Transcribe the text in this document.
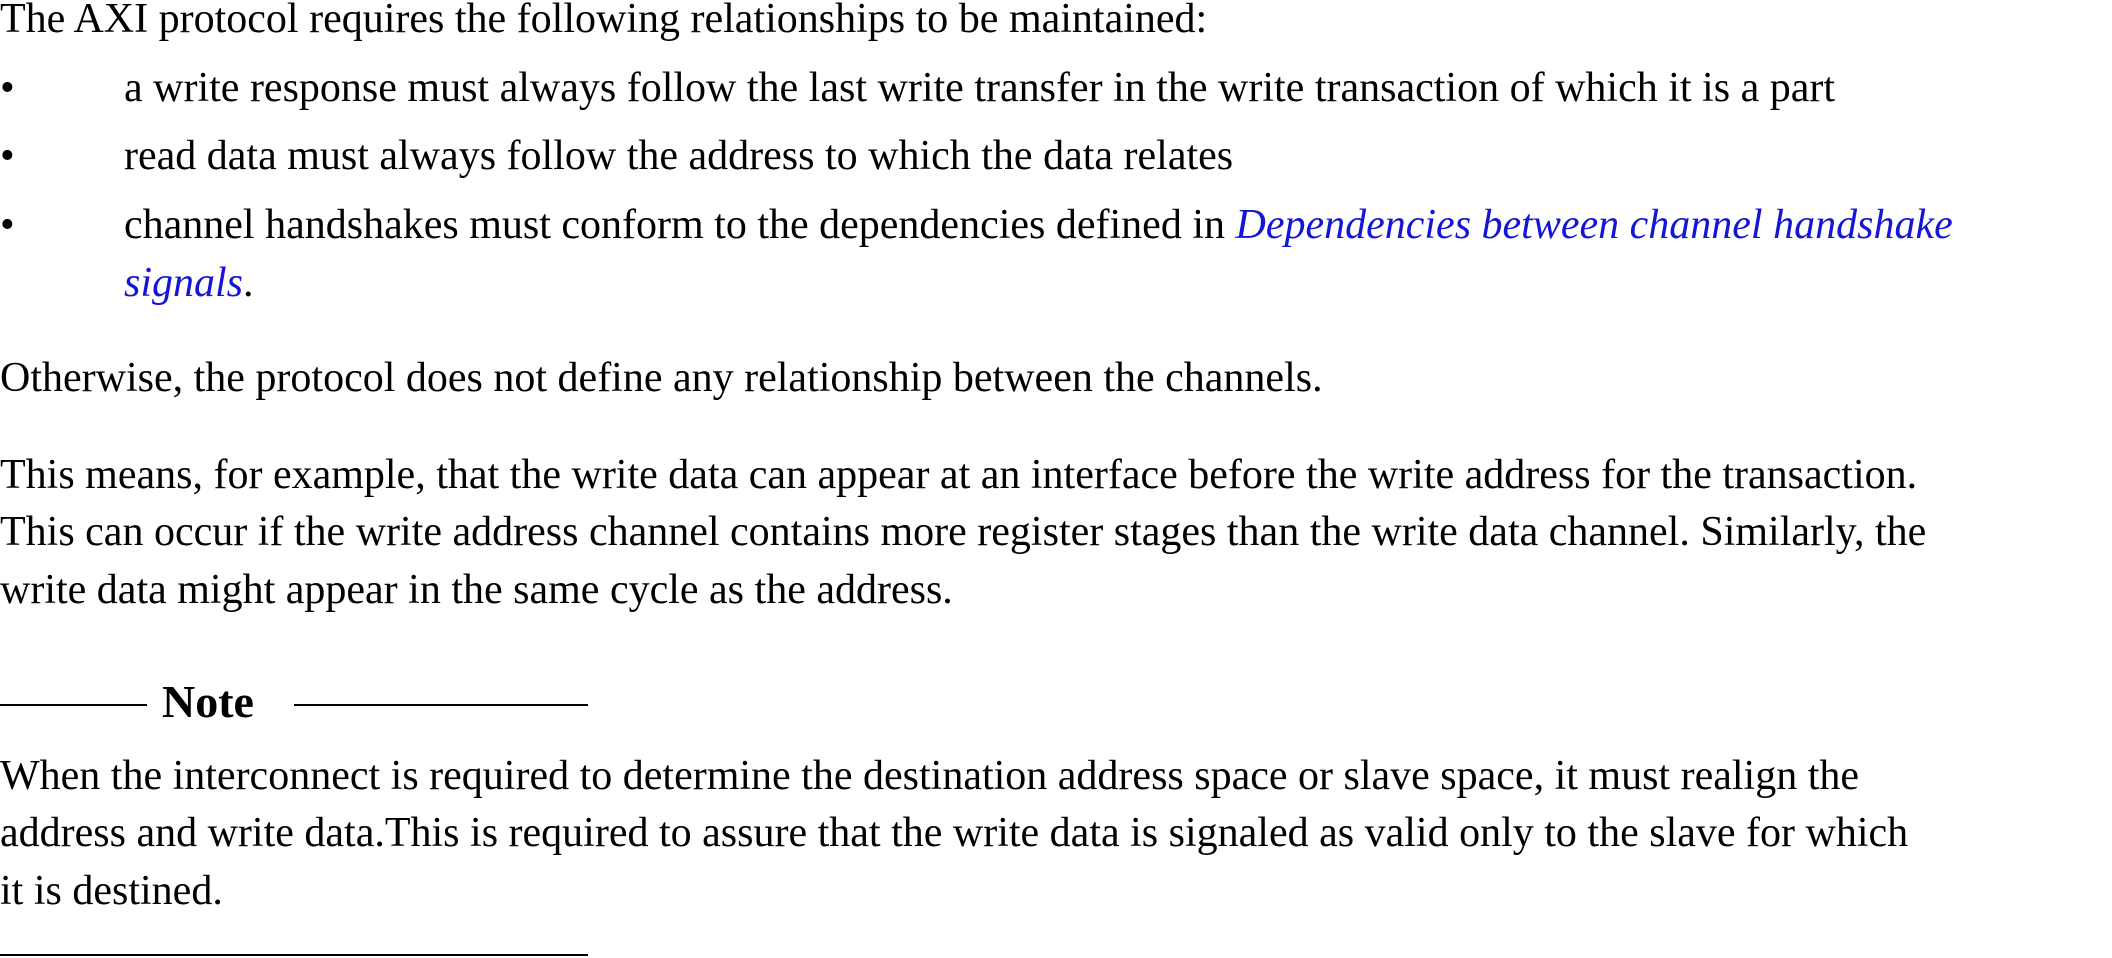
The AXI protocol requires the following relationships to be maintained:
•	a write response must always follow the last write transfer in the write transaction of which it is a part
•	read data must always follow the address to which the data relates
•	channel handshakes must conform to the dependencies defined in Dependencies between channel handshake
signals.
Otherwise, the protocol does not define any relationship between the channels.
This means, for example, that the write data can appear at an interface before the write address for the transaction.
This can occur if the write address channel contains more register stages than the write data channel. Similarly, the
write data might appear in the same cycle as the address.
Note
When the interconnect is required to determine the destination address space or slave space, it must realign the
address and write data.This is required to assure that the write data is signaled as valid only to the slave for which
it is destined.
